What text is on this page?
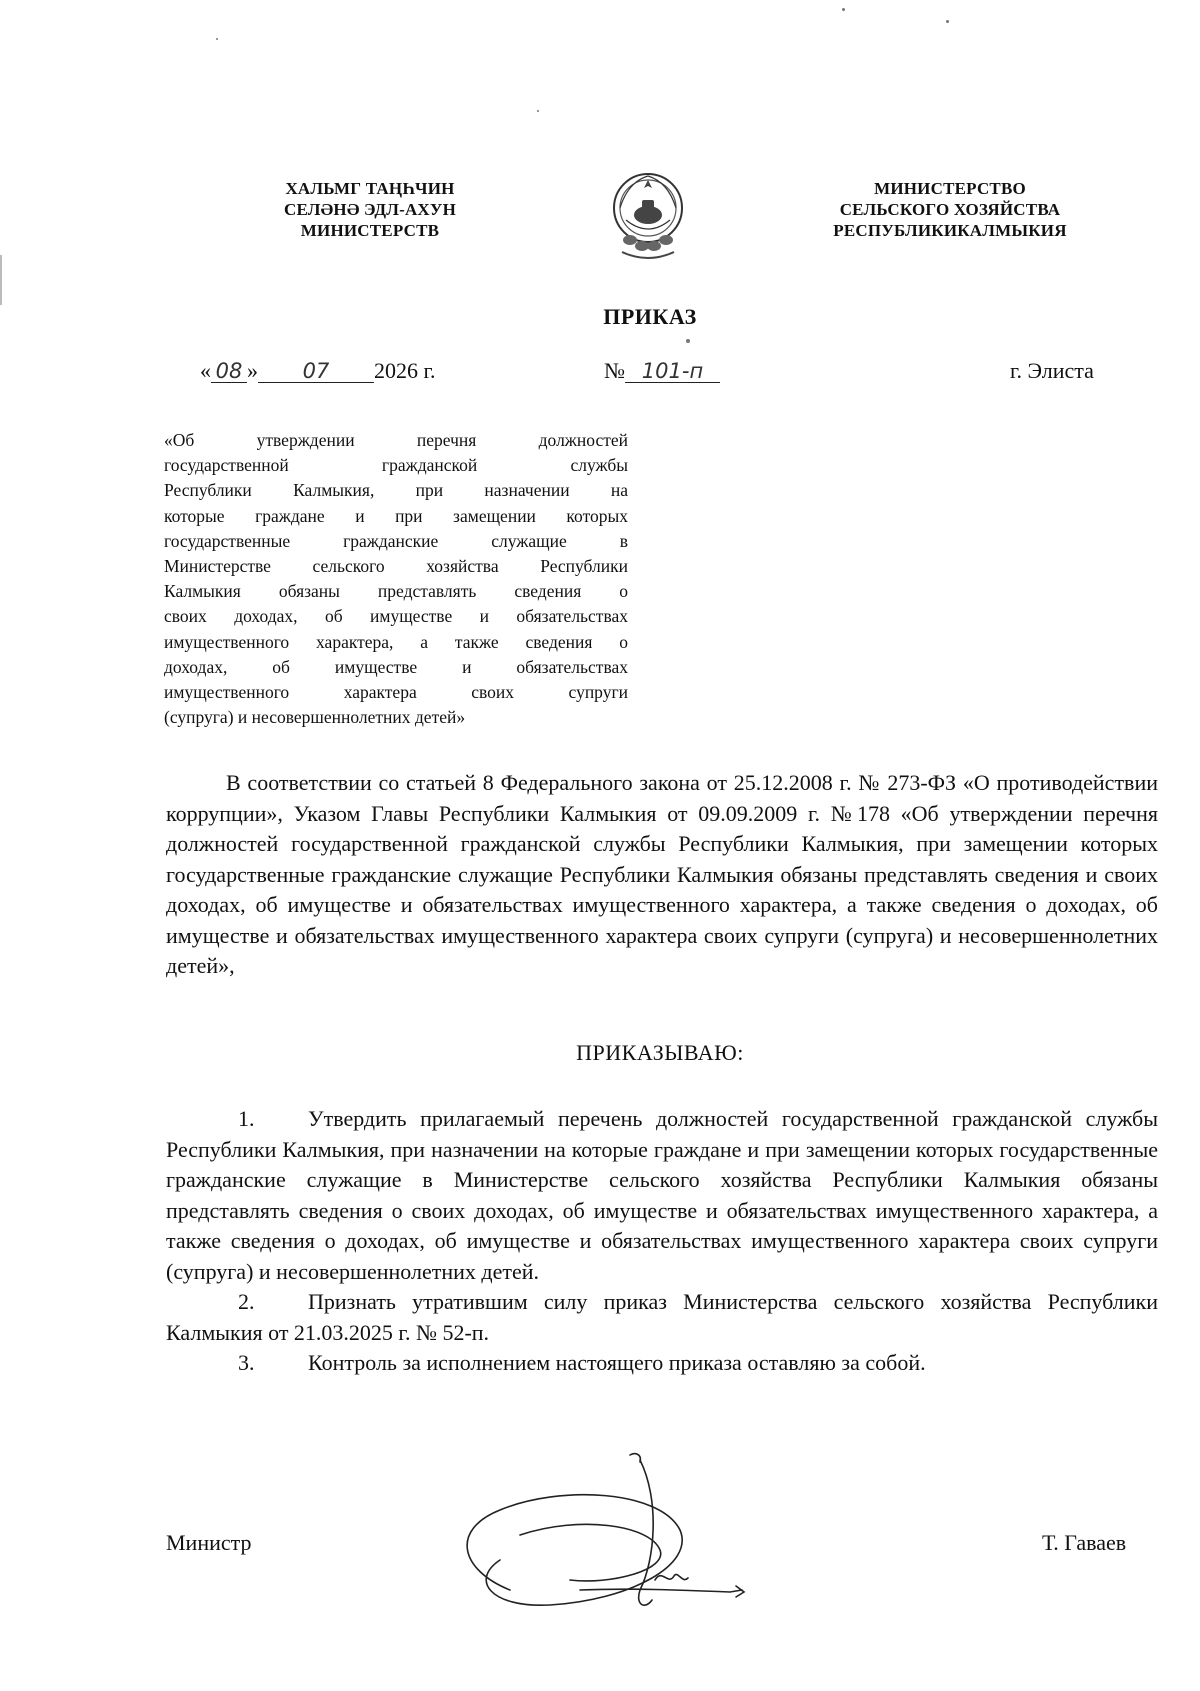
ХАЛЬМГ ТАҢҺЧИН
СЕЛӘНӘ ЭДЛ-АХУН
МИНИСТЕРСТВ
МИНИСТЕРСТВО
СЕЛЬСКОГО ХОЗЯЙСТВА
РЕСПУБЛИКИКАЛМЫКИЯ
ПРИКАЗ
« 08 » 07 2026 г.	№ 101-п	г. Элиста
«Об утверждении перечня должностей
государственной гражданской службы
Республики Калмыкия, при назначении на
которые граждане и при замещении которых
государственные гражданские служащие в
Министерстве сельского хозяйства Республики
Калмыкия обязаны представлять сведения о
своих доходах, об имуществе и обязательствах
имущественного характера, а также сведения о
доходах, об имуществе и обязательствах
имущественного характера своих супруги
(супруга) и несовершеннолетних детей»
В соответствии со статьей 8 Федерального закона от 25.12.2008 г. № 273-ФЗ «О противодействии коррупции», Указом Главы Республики Калмыкия от 09.09.2009 г. №178 «Об утверждении перечня должностей государственной гражданской службы Республики Калмыкия, при замещении которых государственные гражданские служащие Республики Калмыкия обязаны представлять сведения и своих доходах, об имуществе и обязательствах имущественного характера, а также сведения о доходах, об имуществе и обязательствах имущественного характера своих супруги (супруга) и несовершеннолетних детей»,
ПРИКАЗЫВАЮ:
1. Утвердить прилагаемый перечень должностей государственной гражданской службы Республики Калмыкия, при назначении на которые граждане и при замещении которых государственные гражданские служащие в Министерстве сельского хозяйства Республики Калмыкия обязаны представлять сведения о своих доходах, об имуществе и обязательствах имущественного характера, а также сведения о доходах, об имуществе и обязательствах имущественного характера своих супруги (супруга) и несовершеннолетних детей.
2. Признать утратившим силу приказ Министерства сельского хозяйства Республики Калмыкия от 21.03.2025 г. № 52-п.
3. Контроль за исполнением настоящего приказа оставляю за собой.
Министр	Т. Гаваев
